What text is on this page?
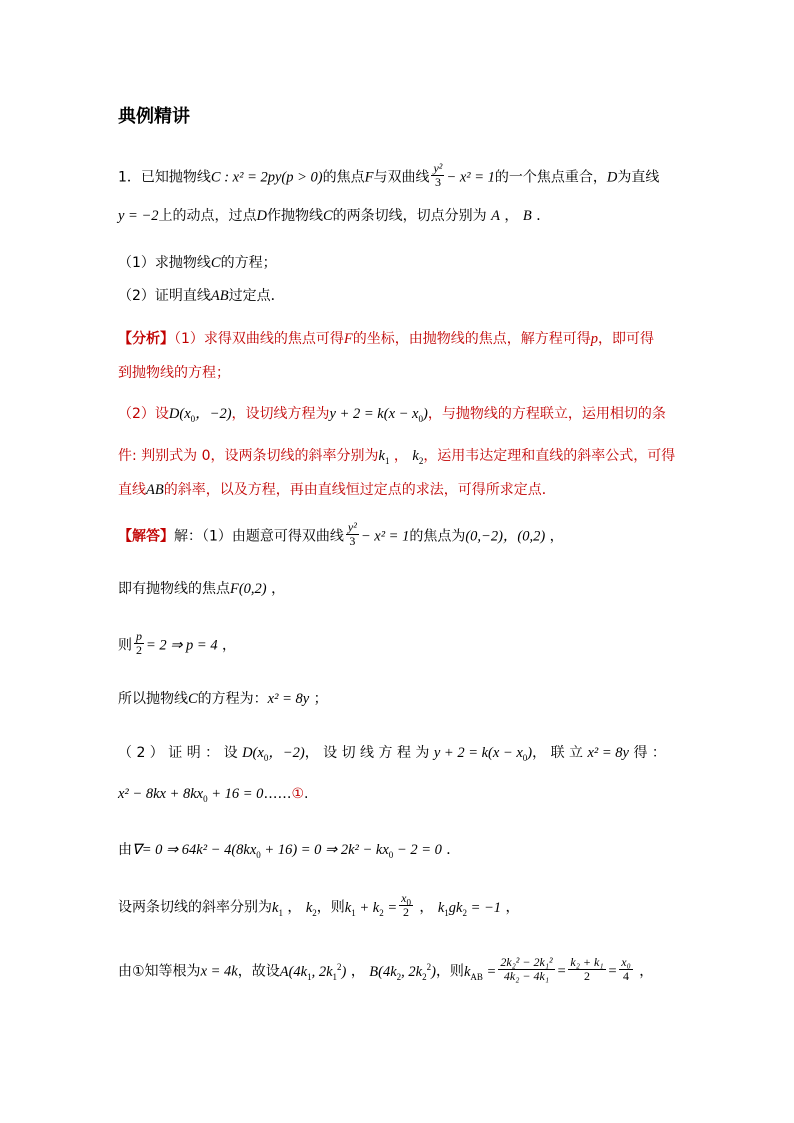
典例精讲
1．已知抛物线C : x² = 2py(p > 0)的焦点F与双曲线 $\frac{\text{y²}}{3} - x^2 = 1$的一个焦点重合，D为直线
y = −2上的动点，过点D作抛物线C的两条切线，切点分别为 A ， B ．
（1）求抛物线C的方程；
（2）证明直线AB过定点．
【分析】（1）求得双曲线的焦点可得F的坐标，由抛物线的焦点，解方程可得p，即可得
到抛物线的方程；
（2）设$D(x_0$，−2)，设切线方程为$y + 2 = k(x - x_0)$，与抛物线的方程联立，运用相切的条
件: 判别式为 0，设两条切线的斜率分别为$k_1$ ， $k_2$，运用韦达定理和直线的斜率公式，可得
直线AB的斜率，以及方程，再由直线恒过定点的求法，可得所求定点．
【解答】解：（1）由题意可得双曲线 $\frac{\text{y²}}{3} - x^2 = 1$的焦点为(0,−2)，(0,2) ，
即有抛物线的焦点F(0,2) ，
则 $\frac{p}{2} = 2$ ⇒ p = 4 ，
所以抛物线C的方程为：x² = 8y ；
（ 2 ） 证 明 ： 设 $D(x_0$，−2)， 设 切 线 方 程 为 $y + 2 = k(x - x_0)$， 联 立 x² = 8y 得 ：
$x^2 - 8kx + 8kx_0 + 16$ = 0……①.
由∇= 0 ⇒ $64k^2 - 4(8kx_0 + 16) = 0$ ⇒ $2k^2 - kx_0 - 2 = 0$ ．
设两条切线的斜率分别为$k_1$ ， $k_2$，则$k_1 + k_2 = \frac{x_0}{2}$ ， $k_1gk_2 = -1$ ，
由①知等根为x = 4k，故设$A(4k_1$, $2k_1^2$) ， $B(4k_2$, $2k_2^2$)，则$k_{AB} = \frac{\text{2k₂² − 2k₁²}}{\text{4k₂ − 4k₁}} = \frac{\text{k₂ + k₁}}{2} = \frac{\text{x₀}}{4}$ ，
